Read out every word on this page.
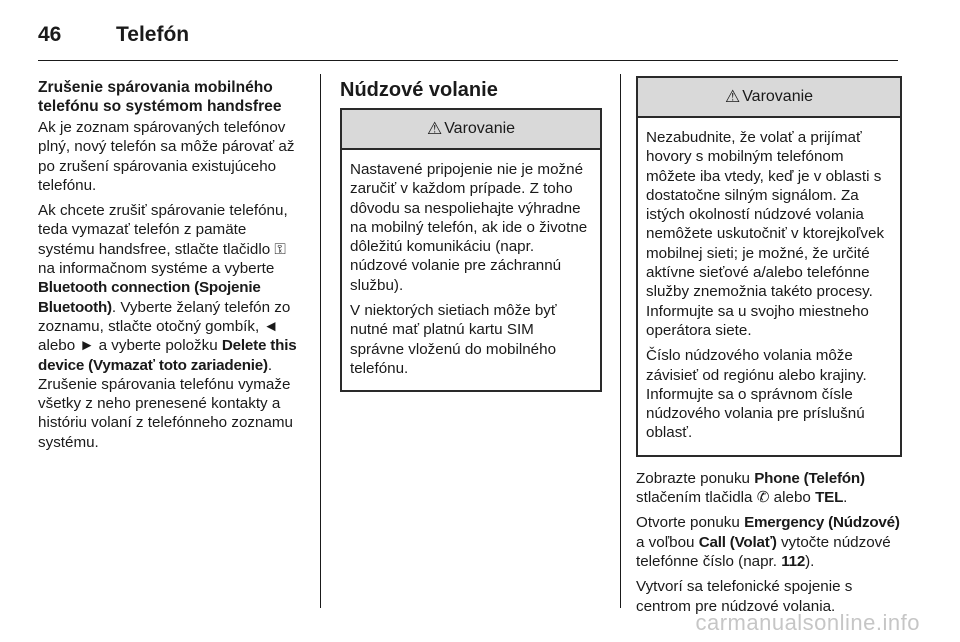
46	Telefón
Zrušenie spárovania mobilného telefónu so systémom handsfree

Ak je zoznam spárovaných telefónov plný, nový telefón sa môže párovať až po zrušení spárovania existujúceho telefónu.

Ak chcete zrušiť spárovanie telefónu, teda vymazať telefón z pamäte systému handsfree, stlačte tlačidlo ⚿ na informačnom systéme a vyberte Bluetooth connection (Spojenie Bluetooth). Vyberte želaný telefón zo zoznamu, stlačte otočný gombík, ◄ alebo ► a vyberte položku Delete this device (Vymazať toto zariadenie). Zrušenie spárovania telefónu vymaže všetky z neho prenesené kontakty a históriu volaní z telefónneho zoznamu systému.

Núdzové volanie
⚠ Varovanie

Nastavené pripojenie nie je možné zaručiť v každom prípade. Z toho dôvodu sa nespoliehajte výhradne na mobilný telefón, ak ide o životne dôležitú komunikáciu (napr. núdzové volanie pre záchrannú službu).

V niektorých sietiach môže byť nutné mať platnú kartu SIM správne vloženú do mobilného telefónu.

⚠ Varovanie

Nezabudnite, že volať a prijímať hovory s mobilným telefónom môžete iba vtedy, keď je v oblasti s dostatočne silným signálom. Za istých okolností núdzové volania nemôžete uskutočniť v ktorejkoľvek mobilnej sieti; je možné, že určité aktívne sieťové a/alebo telefónne služby znemožnia takéto procesy. Informujte sa u svojho miestneho operátora siete.

Číslo núdzového volania môže závisieť od regiónu alebo krajiny. Informujte sa o správnom čísle núdzového volania pre príslušnú oblasť.

Zobrazte ponuku Phone (Telefón) stlačením tlačidla ✆ alebo TEL.

Otvorte ponuku Emergency (Núdzové) a voľbou Call (Volať) vytočte núdzové telefónne číslo (napr. 112).

Vytvorí sa telefonické spojenie s centrom pre núdzové volania.

carmanualsonline.info
